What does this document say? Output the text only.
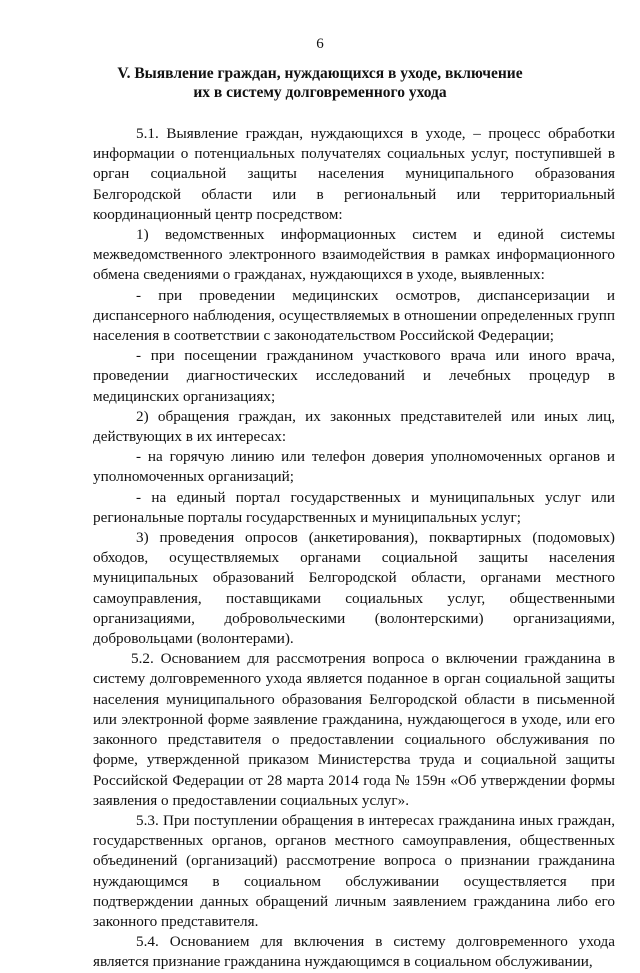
6
V. Выявление граждан, нуждающихся в уходе, включение
их в систему долговременного ухода

5.1. Выявление граждан, нуждающихся в уходе, – процесс обработки информации о потенциальных получателях социальных услуг, поступившей в орган социальной защиты населения муниципального образования Белгородской области или в региональный или территориальный координационный центр посредством:

1) ведомственных информационных систем и единой системы межведомственного электронного взаимодействия в рамках информационного обмена сведениями о гражданах, нуждающихся в уходе, выявленных:

- при проведении медицинских осмотров, диспансеризации и диспансерного наблюдения, осуществляемых в отношении определенных групп населения в соответствии с законодательством Российской Федерации;

- при посещении гражданином участкового врача или иного врача, проведении диагностических исследований и лечебных процедур в медицинских организациях;

2) обращения граждан, их законных представителей или иных лиц, действующих в их интересах:

- на горячую линию или телефон доверия уполномоченных органов и уполномоченных организаций;

- на единый портал государственных и муниципальных услуг или региональные порталы государственных и муниципальных услуг;

3) проведения опросов (анкетирования), поквартирных (подомовых) обходов, осуществляемых органами социальной защиты населения муниципальных образований Белгородской области, органами местного самоуправления, поставщиками социальных услуг, общественными организациями, добровольческими (волонтерскими) организациями, добровольцами (волонтерами).

5.2. Основанием для рассмотрения вопроса о включении гражданина в систему долговременного ухода является поданное в орган социальной защиты населения муниципального образования Белгородской области в письменной или электронной форме заявление гражданина, нуждающегося в уходе, или его законного представителя о предоставлении социального обслуживания по форме, утвержденной приказом Министерства труда и социальной защиты Российской Федерации от 28 марта 2014 года № 159н «Об утверждении формы заявления о предоставлении социальных услуг».

5.3. При поступлении обращения в интересах гражданина иных граждан, государственных органов, органов местного самоуправления, общественных объединений (организаций) рассмотрение вопроса о признании гражданина нуждающимся в социальном обслуживании осуществляется при подтверждении данных обращений личным заявлением гражданина либо его законного представителя.

5.4. Основанием для включения в систему долговременного ухода является признание гражданина нуждающимся в социальном обслуживании,
